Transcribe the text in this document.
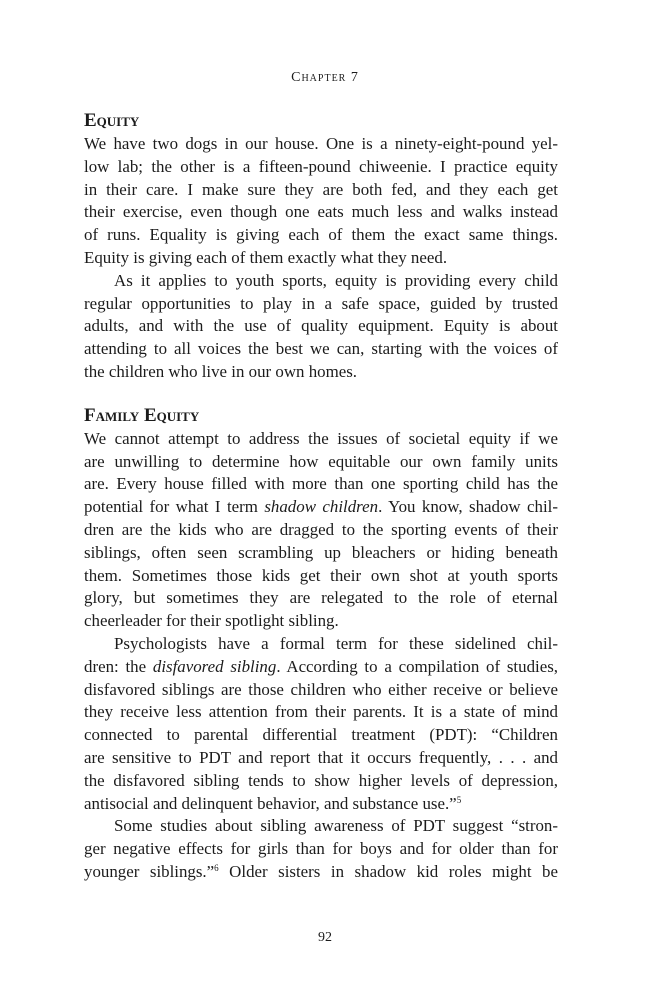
Chapter 7
Equity
We have two dogs in our house. One is a ninety-eight-pound yel-
low lab; the other is a fifteen-pound chiweenie. I practice equity
in their care. I make sure they are both fed, and they each get
their exercise, even though one eats much less and walks instead
of runs. Equality is giving each of them the exact same things.
Equity is giving each of them exactly what they need.
As it applies to youth sports, equity is providing every child
regular opportunities to play in a safe space, guided by trusted
adults, and with the use of quality equipment. Equity is about
attending to all voices the best we can, starting with the voices of
the children who live in our own homes.
Family Equity
We cannot attempt to address the issues of societal equity if we
are unwilling to determine how equitable our own family units
are. Every house filled with more than one sporting child has the
potential for what I term shadow children. You know, shadow chil-
dren are the kids who are dragged to the sporting events of their
siblings, often seen scrambling up bleachers or hiding beneath
them. Sometimes those kids get their own shot at youth sports
glory, but sometimes they are relegated to the role of eternal
cheerleader for their spotlight sibling.
Psychologists have a formal term for these sidelined chil-
dren: the disfavored sibling. According to a compilation of studies,
disfavored siblings are those children who either receive or believe
they receive less attention from their parents. It is a state of mind
connected to parental differential treatment (PDT): “Children
are sensitive to PDT and report that it occurs frequently, . . . and
the disfavored sibling tends to show higher levels of depression,
antisocial and delinquent behavior, and substance use.”$^5$
Some studies about sibling awareness of PDT suggest “stron-
ger negative effects for girls than for boys and for older than for
younger siblings.”$^6$ Older sisters in shadow kid roles might be
92
